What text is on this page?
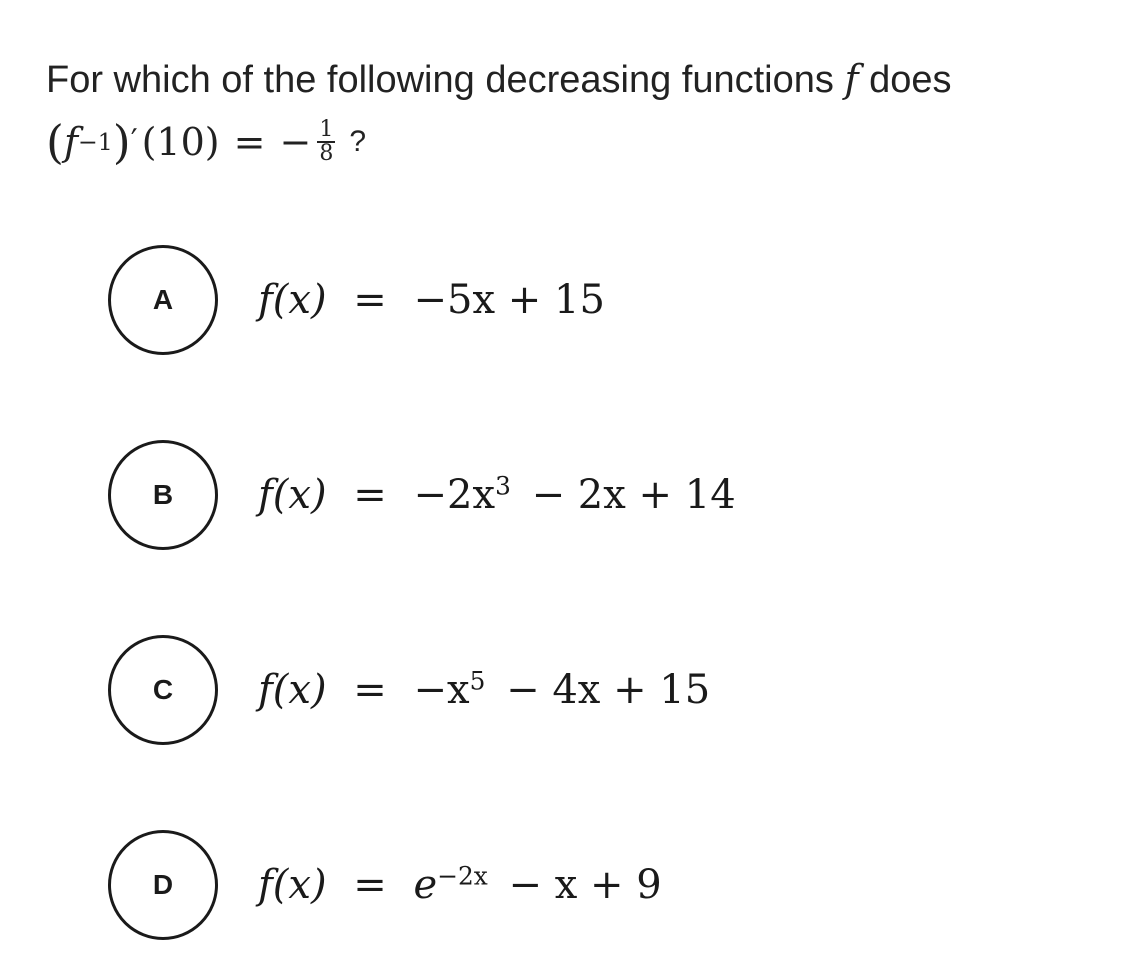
For which of the following decreasing functions f does
( f −1 ) ′ (10) = − $\frac{1}{8}$ ?
A	f(x) = −5x + 15
B	$f(x) = -2x^3 - 2x + 14$
C	$f(x) = -x^5 - 4x + 15$
D	$f(x) = e^{-2x} - x + 9$
